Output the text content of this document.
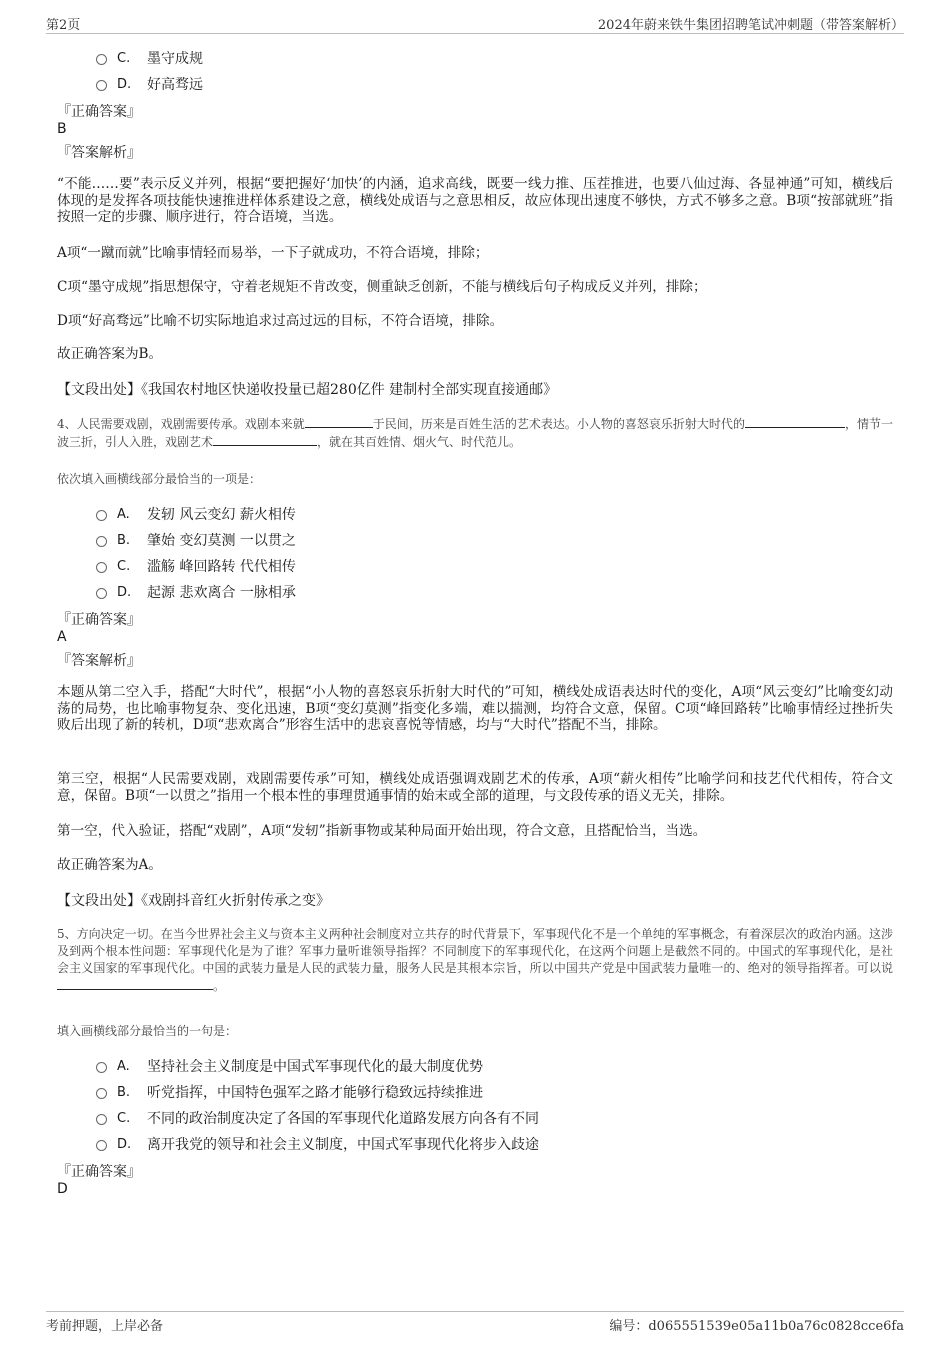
第2页	2024年蔚来铁牛集团招聘笔试冲刺题（带答案解析）
C.	墨守成规
D.	好高骛远
『正确答案』
B
『答案解析』
“不能……要”表示反义并列，根据“要把握好‘加快’的内涵，追求高线，既要一线力推、压茬推进，也要八仙过海、各显神通”可知，横线后体现的是发挥各项技能快速推进样体系建设之意，横线处成语与之意思相反，故应体现出速度不够快，方式不够多之意。B项“按部就班”指按照一定的步骤、顺序进行，符合语境，当选。
A项“一蹴而就”比喻事情轻而易举，一下子就成功，不符合语境，排除；
C项“墨守成规”指思想保守，守着老规矩不肯改变，侧重缺乏创新，不能与横线后句子构成反义并列，排除；
D项“好高骛远”比喻不切实际地追求过高过远的目标，不符合语境，排除。
故正确答案为B。
【文段出处】《我国农村地区快递收投量已超280亿件 建制村全部实现直接通邮》
4、人民需要戏剧，戏剧需要传承。戏剧本来就	于民间，历来是百姓生活的艺术表达。小人物的喜怒哀乐折射大时代的	，情节一波三折，引人入胜，戏剧艺术	，就在其百姓情、烟火气、时代范儿。
依次填入画横线部分最恰当的一项是：
A.	发轫 风云变幻 薪火相传
B.	肇始 变幻莫测 一以贯之
C.	滥觞 峰回路转 代代相传
D.	起源 悲欢离合 一脉相承
『正确答案』
A
『答案解析』
本题从第二空入手，搭配“大时代”，根据“小人物的喜怒哀乐折射大时代的”可知，横线处成语表达时代的变化，A项“风云变幻”比喻变幻动荡的局势，也比喻事物复杂、变化迅速，B项“变幻莫测”指变化多端，难以揣测，均符合文意，保留。C项“峰回路转”比喻事情经过挫折失败后出现了新的转机，D项“悲欢离合”形容生活中的悲哀喜悦等情感，均与“大时代”搭配不当，排除。
第三空，根据“人民需要戏剧，戏剧需要传承”可知，横线处成语强调戏剧艺术的传承，A项“薪火相传”比喻学问和技艺代代相传，符合文意，保留。B项“一以贯之”指用一个根本性的事理贯通事情的始末或全部的道理，与文段传承的语义无关，排除。
第一空，代入验证，搭配“戏剧”，A项“发轫”指新事物或某种局面开始出现，符合文意，且搭配恰当，当选。
故正确答案为A。
【文段出处】《戏剧抖音红火折射传承之变》
5、方向决定一切。在当今世界社会主义与资本主义两种社会制度对立共存的时代背景下，军事现代化不是一个单纯的军事概念，有着深层次的政治内涵。这涉及到两个根本性问题：军事现代化是为了谁？军事力量听谁领导指挥？不同制度下的军事现代化，在这两个问题上是截然不同的。中国式的军事现代化，是社会主义国家的军事现代化。中国的武装力量是人民的武装力量，服务人民是其根本宗旨，所以中国共产党是中国武装力量唯一的、绝对的领导指挥者。可以说。
填入画横线部分最恰当的一句是：
A.	坚持社会主义制度是中国式军事现代化的最大制度优势
B.	听党指挥，中国特色强军之路才能够行稳致远持续推进
C.	不同的政治制度决定了各国的军事现代化道路发展方向各有不同
D.	离开我党的领导和社会主义制度，中国式军事现代化将步入歧途
『正确答案』
D
考前押题，上岸必备	编号：d065551539e05a11b0a76c0828cce6fa
